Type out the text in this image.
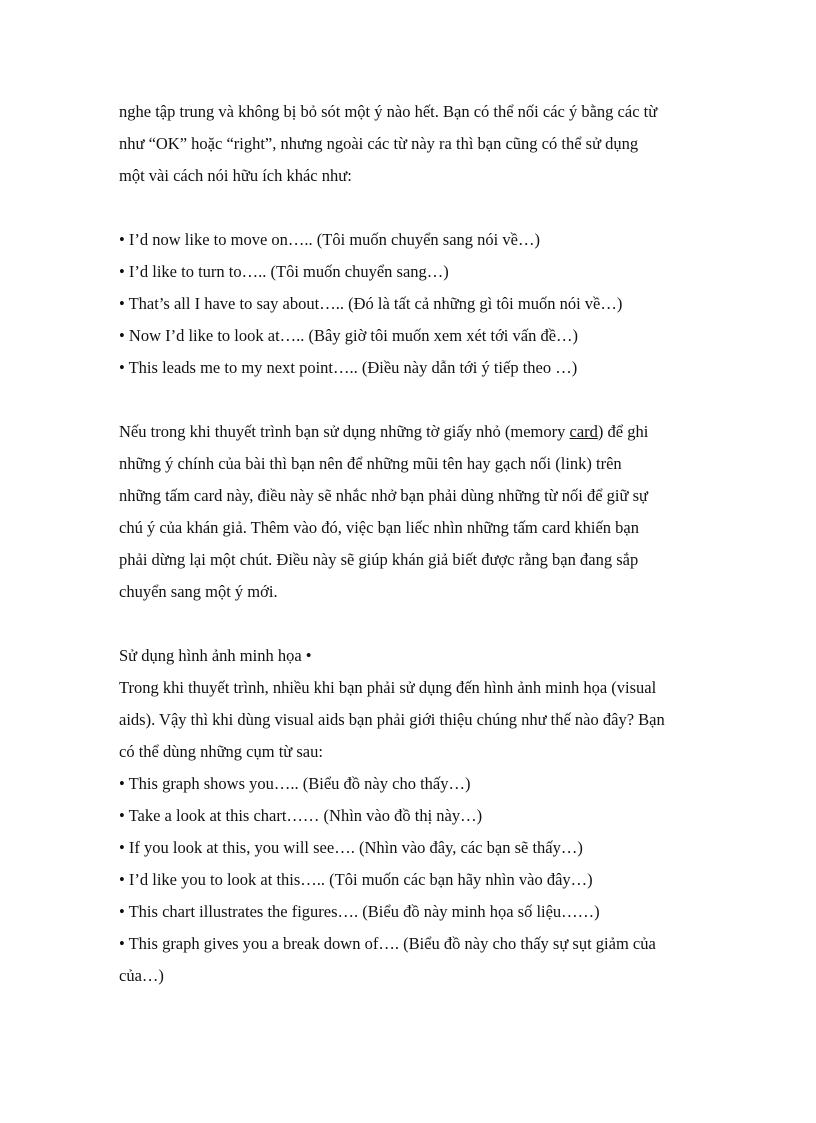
nghe tập trung và không bị bỏ sót một ý nào hết. Bạn có thể nối các ý bằng các từ
như “OK” hoặc “right”, nhưng ngoài các từ này ra thì bạn cũng có thể sử dụng
một vài cách nói hữu ích khác như:
• I’d now like to move on….. (Tôi muốn chuyển sang nói về…)
• I’d like to turn to….. (Tôi muốn chuyển sang…)
• That’s all I have to say about….. (Đó là tất cả những gì tôi muốn nói về…)
• Now I’d like to look at….. (Bây giờ tôi muốn xem xét tới vấn đề…)
• This leads me to my next point….. (Điều này dẫn tới ý tiếp theo …)
Nếu trong khi thuyết trình bạn sử dụng những tờ giấy nhỏ (memory card) để ghi
những ý chính của bài thì bạn nên để những mũi tên hay gạch nối (link) trên
những tấm card này, điều này sẽ nhắc nhở bạn phải dùng những từ nối để giữ sự
chú ý của khán giả. Thêm vào đó, việc bạn liếc nhìn những tấm card khiến bạn
phải dừng lại một chút. Điều này sẽ giúp khán giả biết được rằng bạn đang sắp
chuyển sang một ý mới.
Sử dụng hình ảnh minh họa •
Trong khi thuyết trình, nhiều khi bạn phải sử dụng đến hình ảnh minh họa (visual
aids). Vậy thì khi dùng visual aids bạn phải giới thiệu chúng như thế nào đây? Bạn
có thể dùng những cụm từ sau:
• This graph shows you….. (Biểu đồ này cho thấy…)
• Take a look at this chart…… (Nhìn vào đồ thị này…)
• If you look at this, you will see…. (Nhìn vào đây, các bạn sẽ thấy…)
• I’d like you to look at this….. (Tôi muốn các bạn hãy nhìn vào đây…)
• This chart illustrates the figures…. (Biểu đồ này minh họa số liệu……)
• This graph gives you a break down of…. (Biểu đồ này cho thấy sự sụt giảm của
của…)
